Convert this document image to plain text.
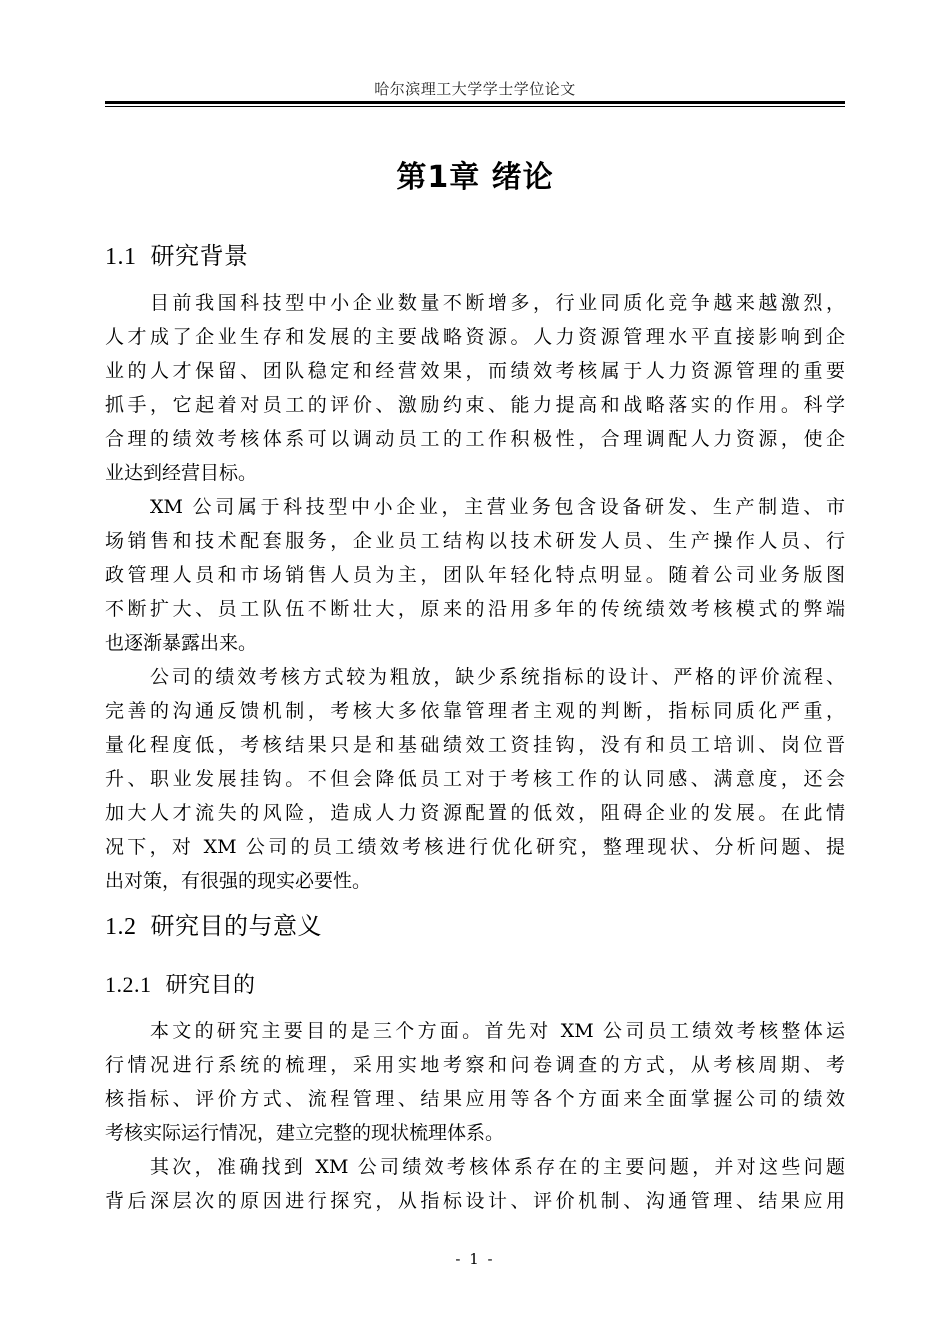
哈尔滨理工大学学士学位论文
第1章 绪论
1.1 研究背景
目前我国科技型中小企业数量不断增多，行业同质化竞争越来越激烈，
人才成了企业生存和发展的主要战略资源。人力资源管理水平直接影响到企
业的人才保留、团队稳定和经营效果，而绩效考核属于人力资源管理的重要
抓手，它起着对员工的评价、激励约束、能力提高和战略落实的作用。科学
合理的绩效考核体系可以调动员工的工作积极性，合理调配人力资源，使企
业达到经营目标。
XM 公司属于科技型中小企业，主营业务包含设备研发、生产制造、市
场销售和技术配套服务，企业员工结构以技术研发人员、生产操作人员、行
政管理人员和市场销售人员为主，团队年轻化特点明显。随着公司业务版图
不断扩大、员工队伍不断壮大，原来的沿用多年的传统绩效考核模式的弊端
也逐渐暴露出来。
公司的绩效考核方式较为粗放，缺少系统指标的设计、严格的评价流程、
完善的沟通反馈机制，考核大多依靠管理者主观的判断，指标同质化严重，
量化程度低，考核结果只是和基础绩效工资挂钩，没有和员工培训、岗位晋
升、职业发展挂钩。不但会降低员工对于考核工作的认同感、满意度，还会
加大人才流失的风险，造成人力资源配置的低效，阻碍企业的发展。在此情
况下，对 XM 公司的员工绩效考核进行优化研究，整理现状、分析问题、提
出对策，有很强的现实必要性。
1.2 研究目的与意义
1.2.1 研究目的
本文的研究主要目的是三个方面。首先对 XM 公司员工绩效考核整体运
行情况进行系统的梳理，采用实地考察和问卷调查的方式，从考核周期、考
核指标、评价方式、流程管理、结果应用等各个方面来全面掌握公司的绩效
考核实际运行情况，建立完整的现状梳理体系。
其次，准确找到 XM 公司绩效考核体系存在的主要问题，并对这些问题
背后深层次的原因进行探究，从指标设计、评价机制、沟通管理、结果应用
- 1 -
